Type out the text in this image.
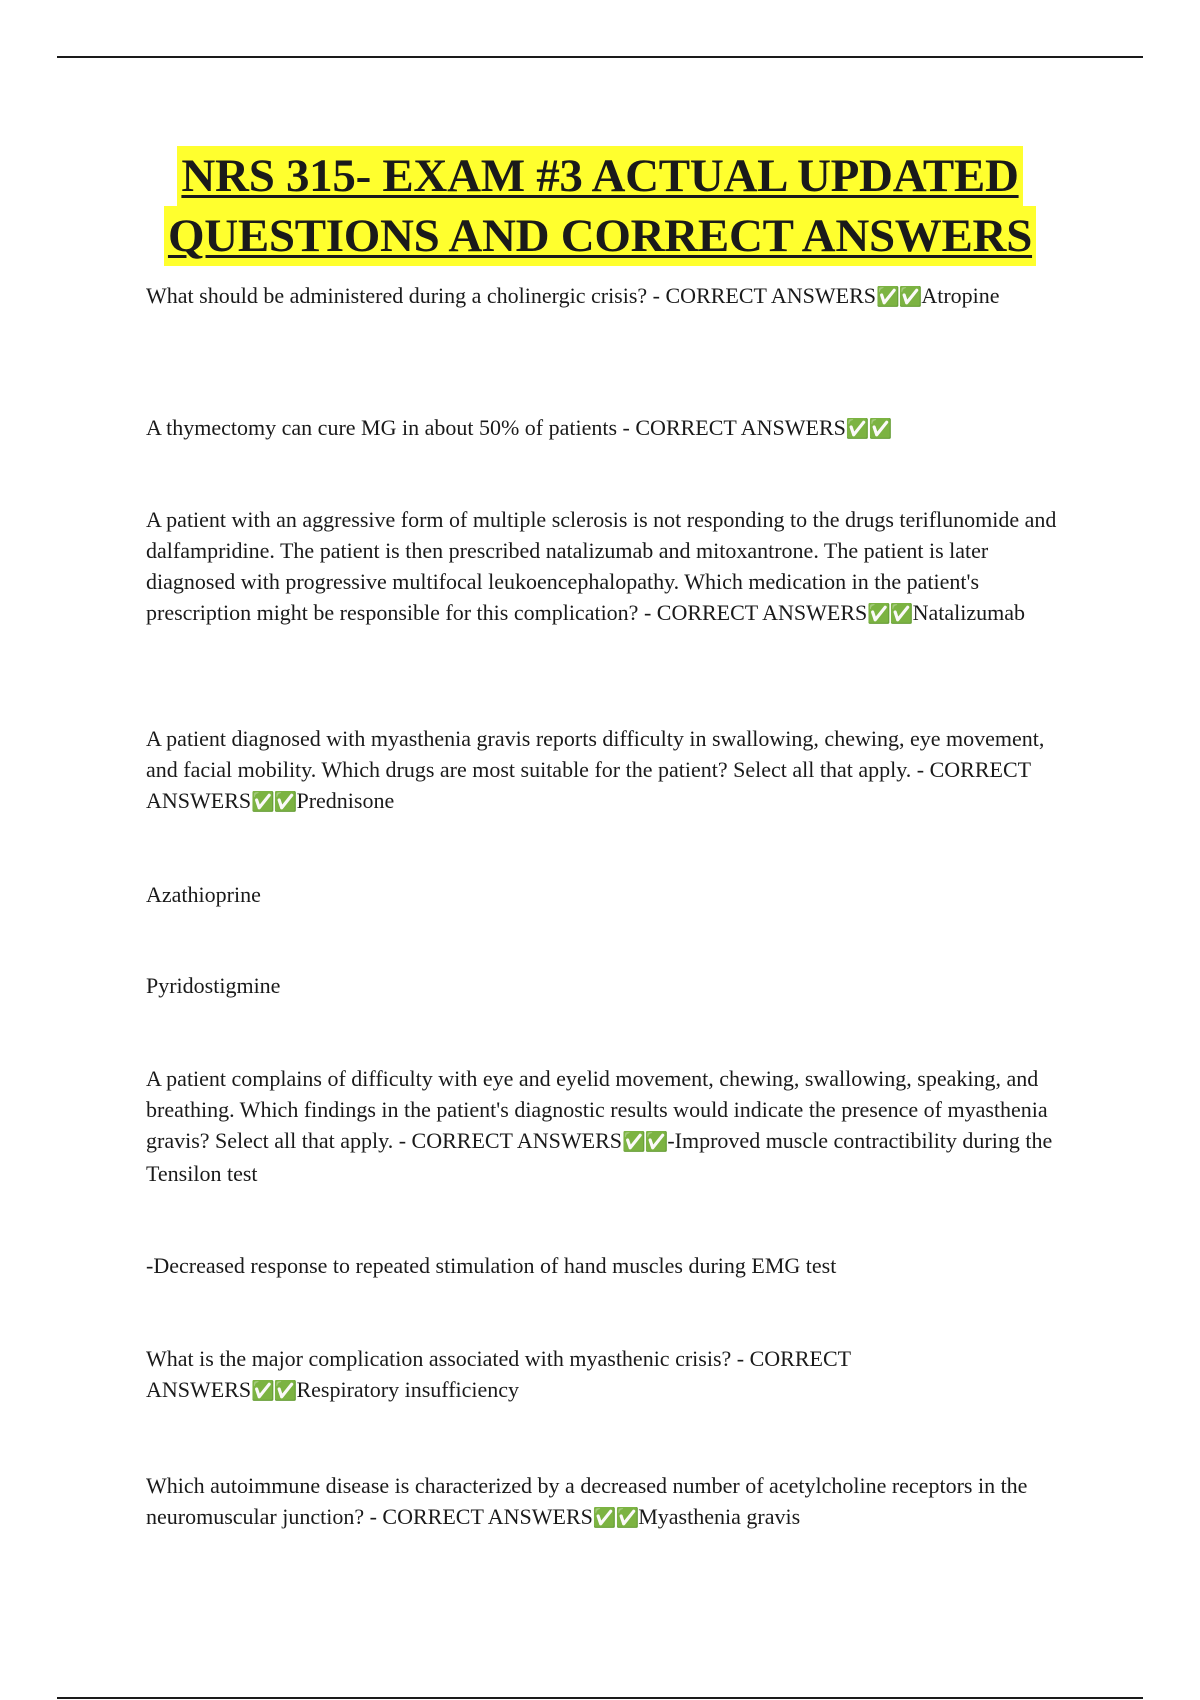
NRS 315- EXAM #3 ACTUAL UPDATED
QUESTIONS AND CORRECT ANSWERS

What should be administered during a cholinergic crisis? - CORRECT ANSWERS✅✅Atropine

A thymectomy can cure MG in about 50% of patients - CORRECT ANSWERS✅✅

A patient with an aggressive form of multiple sclerosis is not responding to the drugs teriflunomide and dalfampridine. The patient is then prescribed natalizumab and mitoxantrone. The patient is later diagnosed with progressive multifocal leukoencephalopathy. Which medication in the patient's prescription might be responsible for this complication? - CORRECT ANSWERS✅✅Natalizumab

A patient diagnosed with myasthenia gravis reports difficulty in swallowing, chewing, eye movement, and facial mobility. Which drugs are most suitable for the patient? Select all that apply. - CORRECT ANSWERS✅✅Prednisone

Azathioprine

Pyridostigmine

A patient complains of difficulty with eye and eyelid movement, chewing, swallowing, speaking, and breathing. Which findings in the patient's diagnostic results would indicate the presence of myasthenia gravis? Select all that apply. - CORRECT ANSWERS✅✅-Improved muscle contractibility during the Tensilon test

-Decreased response to repeated stimulation of hand muscles during EMG test

What is the major complication associated with myasthenic crisis? - CORRECT ANSWERS✅✅Respiratory insufficiency

Which autoimmune disease is characterized by a decreased number of acetylcholine receptors in the neuromuscular junction? - CORRECT ANSWERS✅✅Myasthenia gravis
